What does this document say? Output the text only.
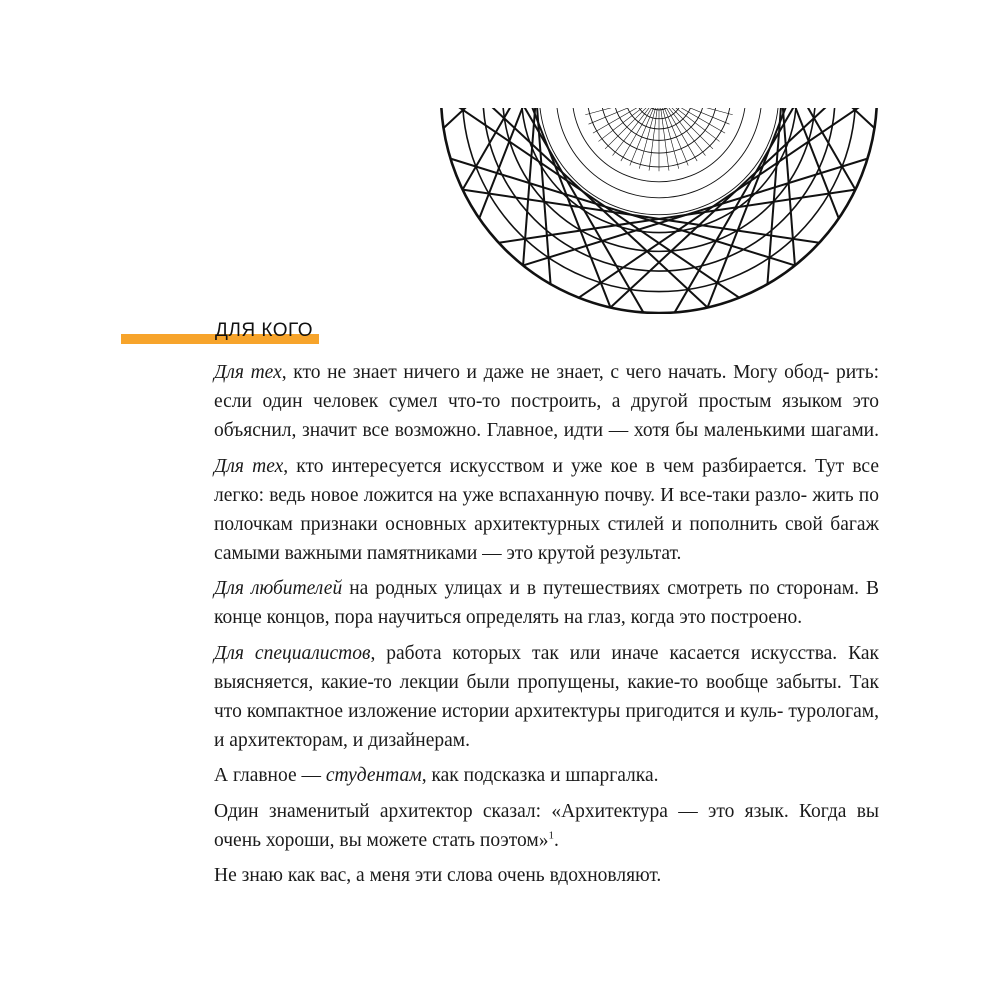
ДЛЯ КОГО

Для тех, кто не знает ничего и даже не знает, с чего начать. Могу обод- рить: если один человек сумел что-то построить, а другой простым языком это объяснил, значит все возможно. Главное, идти — хотя бы маленькими шагами.

Для тех, кто интересуется искусством и уже кое в чем разбирается. Тут все легко: ведь новое ложится на уже вспаханную почву. И все-таки разло- жить по полочкам признаки основных архитектурных стилей и пополнить свой багаж самыми важными памятниками — это крутой результат.

Для любителей на родных улицах и в путешествиях смотреть по сторонам. В конце концов, пора научиться определять на глаз, когда это построено.

Для специалистов, работа которых так или иначе касается искусства. Как выясняется, какие-то лекции были пропущены, какие-то вообще забыты. Так что компактное изложение истории архитектуры пригодится и куль- турологам, и архитекторам, и дизайнерам.

А главное — студентам, как подсказка и шпаргалка.

Один знаменитый архитектор сказал: «Архитектура — это язык. Когда вы очень хороши, вы можете стать поэтом»$^1$.

Не знаю как вас, а меня эти слова очень вдохновляют.
